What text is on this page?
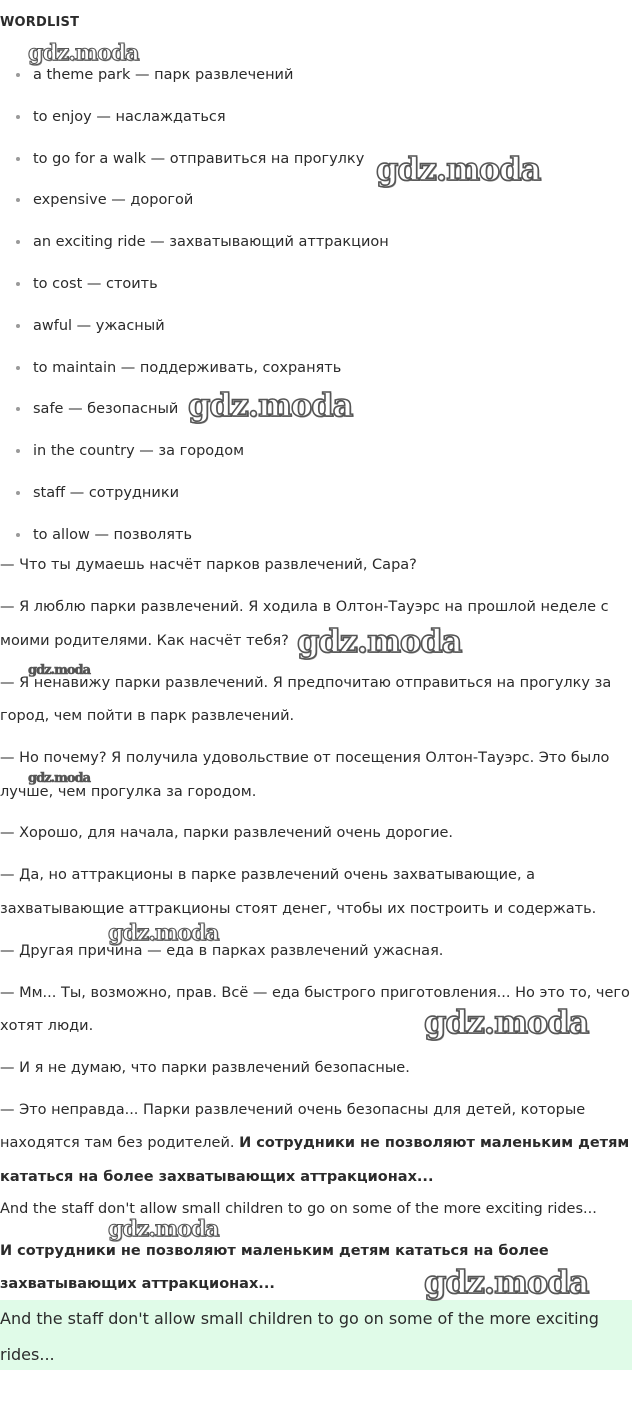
WORDLIST
a theme park — парк развлечений
to enjoy — наслаждаться
to go for a walk — отправиться на прогулку
expensive — дорогой
an exciting ride — захватывающий аттракцион
to cost — стоить
awful — ужасный
to maintain — поддерживать, сохранять
safe — безопасный
in the country — за городом
staff — сотрудники
to allow — позволять

— Что ты думаешь насчёт парков развлечений, Сара?

— Я люблю парки развлечений. Я ходила в Олтон-Тауэрс на прошлой неделе с

моими родителями. Как насчёт тебя?

— Я ненавижу парки развлечений. Я предпочитаю отправиться на прогулку за

город, чем пойти в парк развлечений.

— Но почему? Я получила удовольствие от посещения Олтон-Тауэрс. Это было

лучше, чем прогулка за городом.

— Хорошо, для начала, парки развлечений очень дорогие.

— Да, но аттракционы в парке развлечений очень захватывающие, а

захватывающие аттракционы стоят денег, чтобы их построить и содержать.

— Другая причина — еда в парках развлечений ужасная.

— Мм... Ты, возможно, прав. Всё — еда быстрого приготовления... Но это то, чего

хотят люди.

— И я не думаю, что парки развлечений безопасные.

— Это неправда... Парки развлечений очень безопасны для детей, которые

находятся там без родителей. И сотрудники не позволяют маленьким детям

кататься на более захватывающих аттракционах...

And the staff don't allow small children to go on some of the more exciting rides...

И сотрудники не позволяют маленьким детям кататься на более

захватывающих аттракционах...

And the staff don't allow small children to go on some of the more exciting
rides...
gdz.moda
gdz.moda
gdz.moda
gdz.moda
gdz.moda
gdz.moda
gdz.moda
gdz.moda
gdz.moda
gdz.moda
